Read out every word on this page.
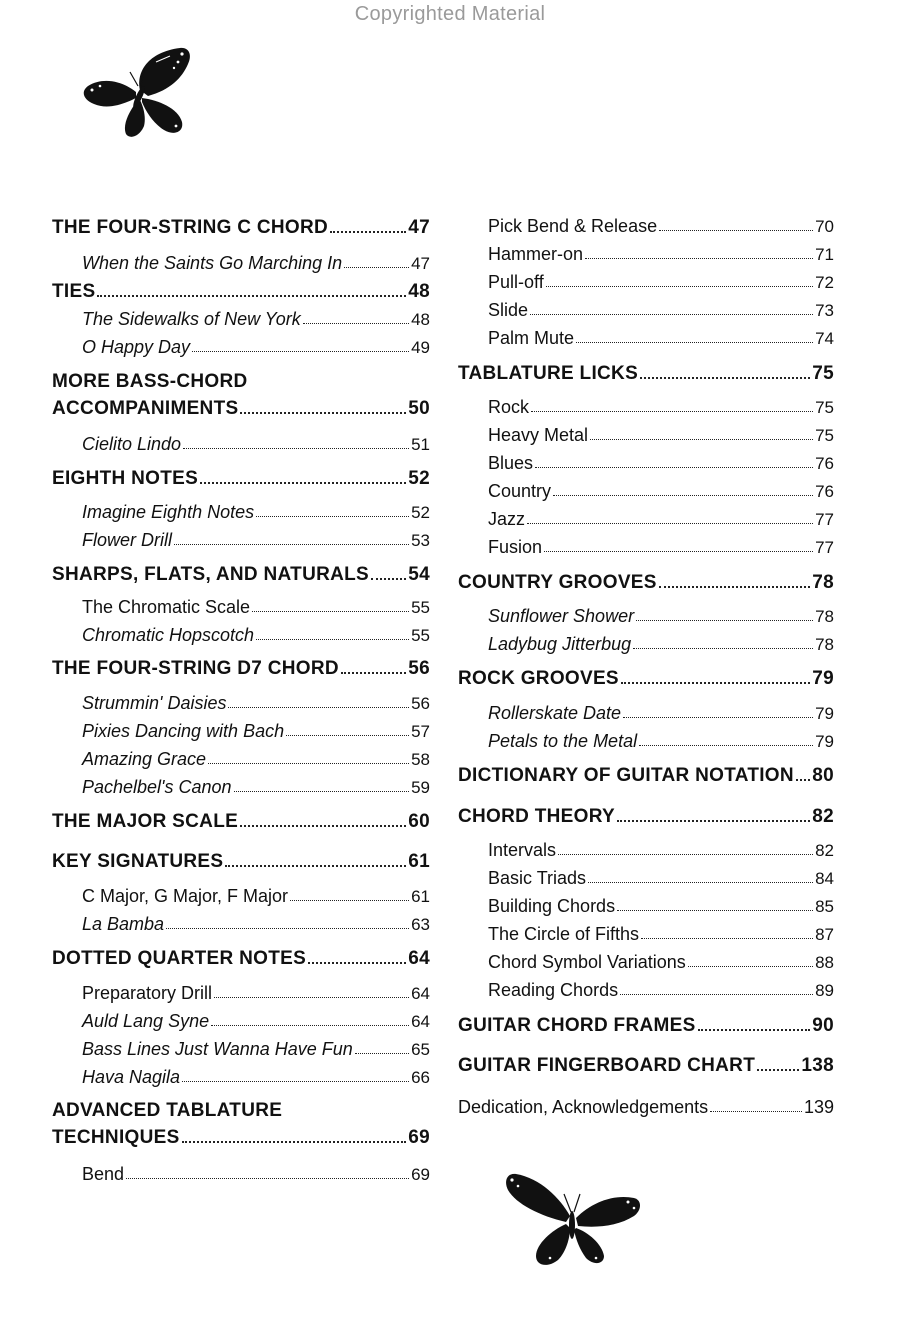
Copyrighted Material
THE FOUR-STRING C CHORD	47
When the Saints Go Marching In	47
TIES	48
The Sidewalks of New York	48
O Happy Day	49
MORE BASS-CHORD
ACCOMPANIMENTS	50
Cielito Lindo	51
EIGHTH NOTES	52
Imagine Eighth Notes	52
Flower Drill	53
SHARPS, FLATS, AND NATURALS 54
The Chromatic Scale	55
Chromatic Hopscotch	55
THE FOUR-STRING D7 CHORD	56
Strummin' Daisies	56
Pixies Dancing with Bach	57
Amazing Grace	58
Pachelbel's Canon	59
THE MAJOR SCALE	60
KEY SIGNATURES	61
C Major, G Major, F Major	61
La Bamba	63
DOTTED QUARTER NOTES	64
Preparatory Drill	64
Auld Lang Syne	64
Bass Lines Just Wanna Have Fun	65
Hava Nagila	66
ADVANCED TABLATURE
TECHNIQUES	69
Bend	69
Pick Bend & Release	70
Hammer-on	71
Pull-off	72
Slide	73
Palm Mute	74
TABLATURE LICKS	75
Rock	75
Heavy Metal	75
Blues	76
Country	76
Jazz	77
Fusion	77
COUNTRY GROOVES	78
Sunflower Shower	78
Ladybug Jitterbug	78
ROCK GROOVES	79
Rollerskate Date	79
Petals to the Metal	79
DICTIONARY OF GUITAR NOTATION 80
CHORD THEORY	82
Intervals	82
Basic Triads	84
Building Chords	85
The Circle of Fifths	87
Chord Symbol Variations	88
Reading Chords	89
GUITAR CHORD FRAMES	90
GUITAR FINGERBOARD CHART 138
Dedication, Acknowledgements	139
